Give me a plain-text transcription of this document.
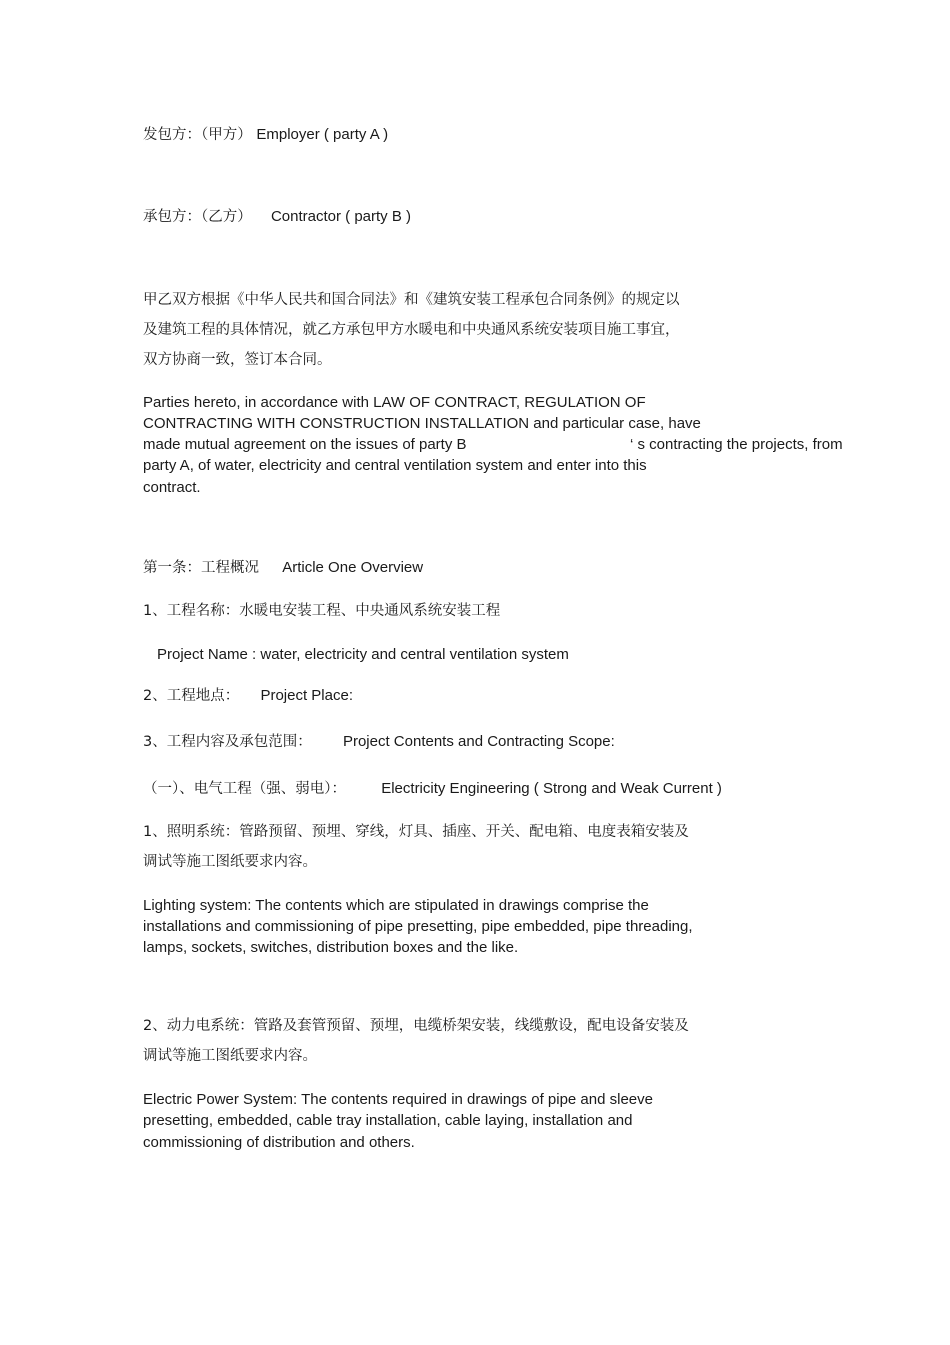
发包方：（甲方） Employer ( party A )
承包方：（乙方） Contractor ( party B )
甲乙双方根据《中华人民共和国合同法》和《建筑安装工程承包合同条例》的规定以
及建筑工程的具体情况，就乙方承包甲方水暖电和中央通风系统安装项目施工事宜，
双方协商一致，签订本合同。
Parties hereto, in accordance with LAW OF CONTRACT, REGULATION OF
CONTRACTING WITH CONSTRUCTION INSTALLATION and particular case, have
made mutual agreement on the issues of party B	‘ s contracting the projects, from
party A, of water, electricity and central ventilation system and enter into this
contract.
第一条：工程概况 Article One Overview
1、工程名称：水暖电安装工程、中央通风系统安装工程
Project Name : water, electricity and central ventilation system
2、工程地点： Project Place:
3、工程内容及承包范围： Project Contents and Contracting Scope:
（一）、电气工程（强、弱电）： Electricity Engineering ( Strong and Weak Current )
1、照明系统：管路预留、预埋、穿线，灯具、插座、开关、配电箱、电度表箱安装及
调试等施工图纸要求内容。
Lighting system: The contents which are stipulated in drawings comprise the
installations and commissioning of pipe presetting, pipe embedded, pipe threading,
lamps, sockets, switches, distribution boxes and the like.
2、动力电系统：管路及套管预留、预埋，电缆桥架安装，线缆敷设，配电设备安装及
调试等施工图纸要求内容。
Electric Power System: The contents required in drawings of pipe and sleeve
presetting, embedded, cable tray installation, cable laying, installation and
commissioning of distribution and others.
